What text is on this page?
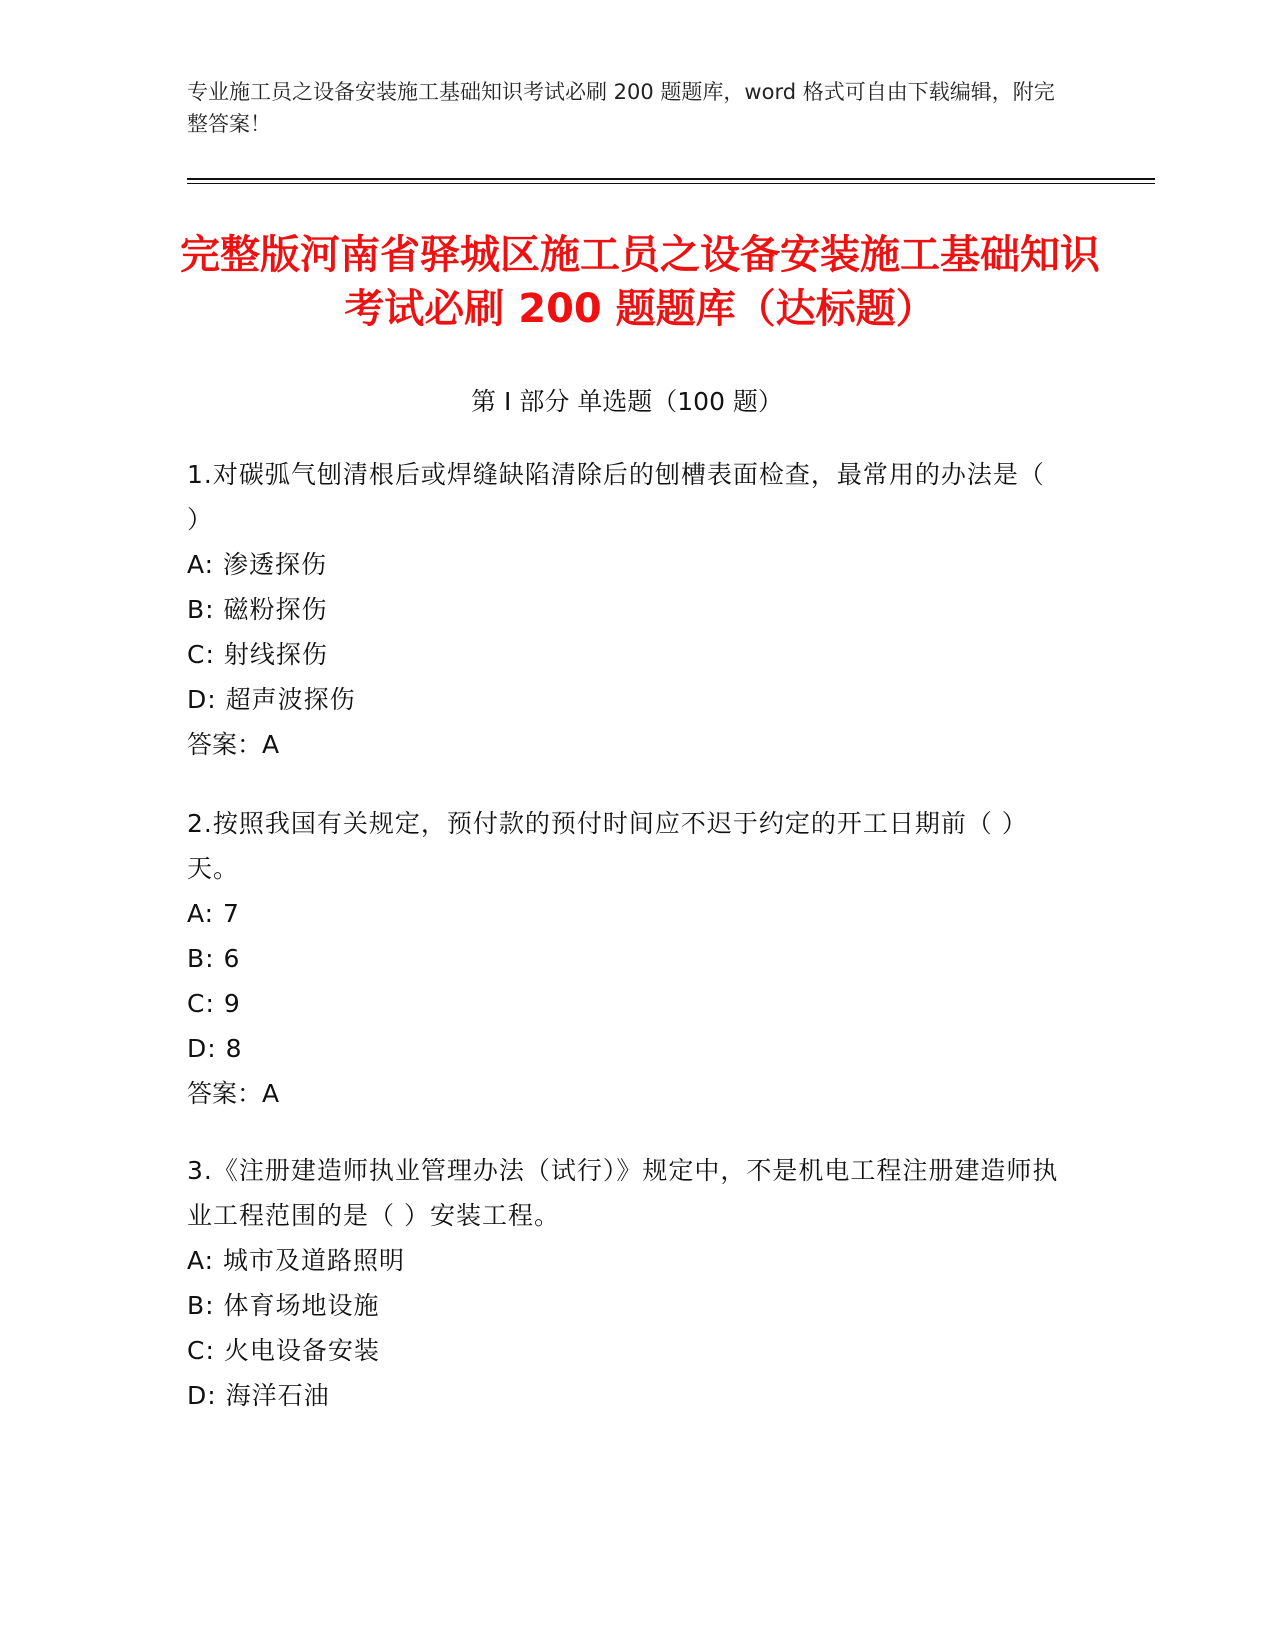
专业施工员之设备安装施工基础知识考试必刷 200 题题库，word 格式可自由下载编辑，附完整答案！
完整版河南省驿城区施工员之设备安装施工基础知识考试必刷 200 题题库（达标题）
第 I 部分 单选题（100 题）
1.对碳弧气刨清根后或焊缝缺陷清除后的刨槽表面检查，最常用的办法是（ ）
A: 渗透探伤
B: 磁粉探伤
C: 射线探伤
D: 超声波探伤
答案：A
2.按照我国有关规定，预付款的预付时间应不迟于约定的开工日期前（ ）天。
A: 7
B: 6
C: 9
D: 8
答案：A
3.《注册建造师执业管理办法（试行）》规定中，不是机电工程注册建造师执业工程范围的是（ ）安装工程。
A: 城市及道路照明
B: 体育场地设施
C: 火电设备安装
D: 海洋石油
